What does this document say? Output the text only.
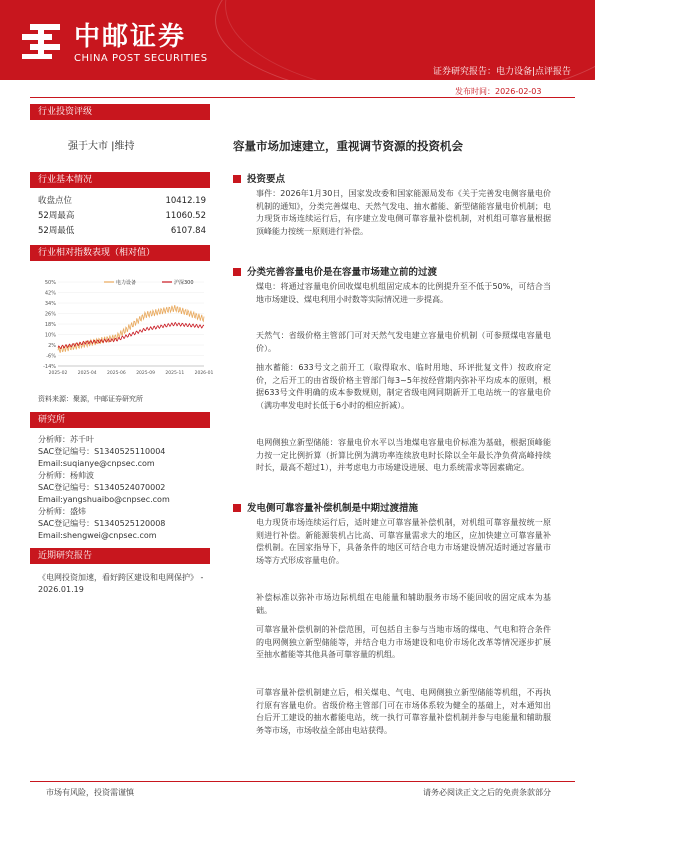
中邮证券
CHINA POST SECURITIES
证券研究报告：电力设备|点评报告
发布时间：2026-02-03
行业投资评级
强于大市 |维持
行业基本情况
收盘点位	10412.19
52周最高	11060.52
52周最低	6107.84
行业相对指数表现（相对值）
50%
42%
34%
26%
18%
10%
2%
-6%
-14%
2025-02 2025-04 2025-06 2025-09 2025-11 2026-01
电力设备	沪深300
资料来源：聚源，中邮证券研究所
研究所
分析师：苏千叶
SAC登记编号：S1340525110004
Email:suqianye@cnpsec.com
分析师：杨帅波
SAC登记编号：S1340524070002
Email:yangshuaibo@cnpsec.com
分析师：盛炜
SAC登记编号：S1340525120008
Email:shengwei@cnpsec.com
近期研究报告
《电网投资加速，看好跨区建设和电网保护》 - 2026.01.19
容量市场加速建立，重视调节资源的投资机会
投资要点
事件：2026年1月30日，国家发改委和国家能源局发布《关于完善发电侧容量电价机制的通知》，分类完善煤电、天然气发电、抽水蓄能、新型储能容量电价机制；电力现货市场连续运行后，有序建立发电侧可靠容量补偿机制，对机组可靠容量根据顶峰能力按统一原则进行补偿。
分类完善容量电价是在容量市场建立前的过渡
煤电：将通过容量电价回收煤电机组固定成本的比例提升至不低于50%，可结合当地市场建设、煤电利用小时数等实际情况进一步提高。
天然气：省级价格主管部门可对天然气发电建立容量电价机制（可参照煤电容量电价）。
抽水蓄能：633号文之前开工（取得取水、临时用地、环评批复文件）按政府定价，之后开工的由省级价格主管部门每3~5年按经营期内弥补平均成本的原则，根据633号文件明确的成本参数规则，制定省级电网同期新开工电站统一的容量电价（满功率发电时长低于6小时的相应折减）。
电网侧独立新型储能：容量电价水平以当地煤电容量电价标准为基础，根据顶峰能力按一定比例折算（折算比例为满功率连续放电时长除以全年最长净负荷高峰持续时长，最高不超过1），并考虑电力市场建设进展、电力系统需求等因素确定。
发电侧可靠容量补偿机制是中期过渡措施
电力现货市场连续运行后，适时建立可靠容量补偿机制，对机组可靠容量按统一原则进行补偿。新能源装机占比高、可靠容量需求大的地区，应加快建立可靠容量补偿机制。在国家指导下，具备条件的地区可结合电力市场建设情况适时通过容量市场等方式形成容量电价。
补偿标准以弥补市场边际机组在电能量和辅助服务市场不能回收的固定成本为基础。
可靠容量补偿机制的补偿范围，可包括自主参与当地市场的煤电、气电和符合条件的电网侧独立新型储能等，并结合电力市场建设和电价市场化改革等情况逐步扩展至抽水蓄能等其他具备可靠容量的机组。
可靠容量补偿机制建立后，相关煤电、气电、电网侧独立新型储能等机组，不再执行原有容量电价。省级价格主管部门可在市场体系较为健全的基础上，对本通知出台后开工建设的抽水蓄能电站，统一执行可靠容量补偿机制并参与电能量和辅助服务等市场，市场收益全部由电站获得。
市场有风险，投资需谨慎	请务必阅读正文之后的免责条款部分
